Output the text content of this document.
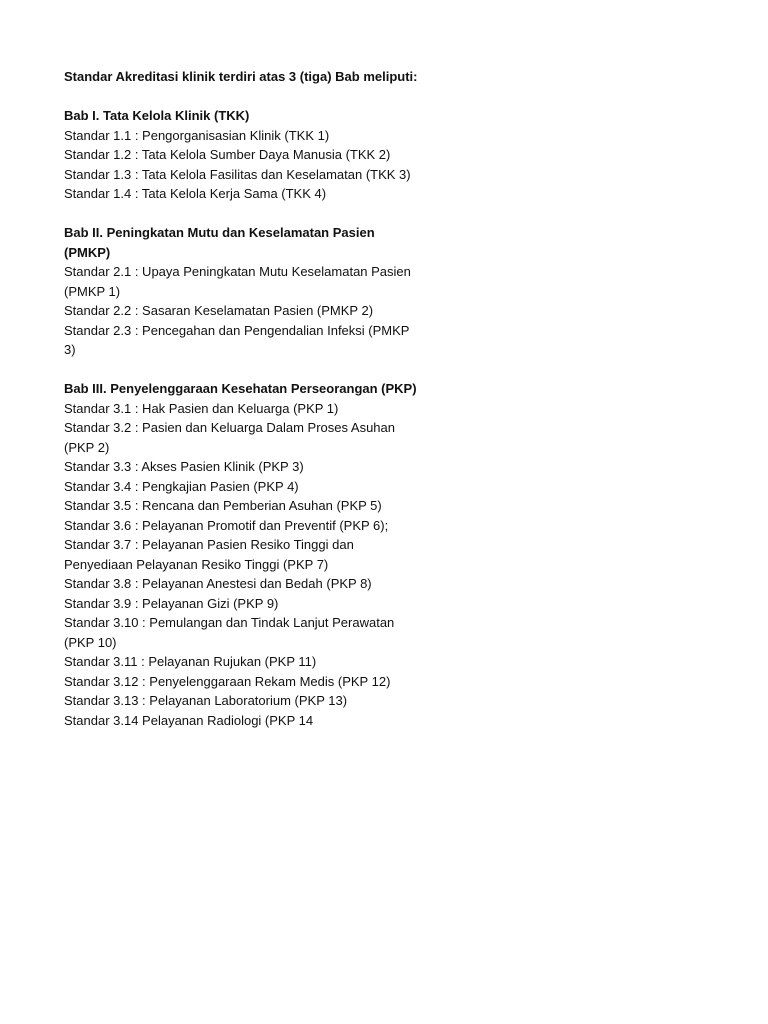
Standar Akreditasi klinik terdiri atas 3 (tiga) Bab meliputi:

Bab I. Tata Kelola Klinik (TKK)

Standar 1.1 : Pengorganisasian Klinik (TKK 1)

Standar 1.2 : Tata Kelola Sumber Daya Manusia (TKK 2)

Standar 1.3 : Tata Kelola Fasilitas dan Keselamatan (TKK 3)

Standar 1.4 : Tata Kelola Kerja Sama (TKK 4)

Bab II. Peningkatan Mutu dan Keselamatan Pasien (PMKP)

Standar 2.1 : Upaya Peningkatan Mutu Keselamatan Pasien (PMKP 1)

Standar 2.2 : Sasaran Keselamatan Pasien (PMKP 2)

Standar 2.3 : Pencegahan dan Pengendalian Infeksi (PMKP 3)

Bab III. Penyelenggaraan Kesehatan Perseorangan (PKP)

Standar 3.1 : Hak Pasien dan Keluarga (PKP 1)

Standar 3.2 : Pasien dan Keluarga Dalam Proses Asuhan (PKP 2)

Standar 3.3 : Akses Pasien Klinik (PKP 3)

Standar 3.4 : Pengkajian Pasien (PKP 4)

Standar 3.5 : Rencana dan Pemberian Asuhan (PKP 5)

Standar 3.6 : Pelayanan Promotif dan Preventif (PKP 6);

Standar 3.7 : Pelayanan Pasien Resiko Tinggi dan Penyediaan Pelayanan Resiko Tinggi (PKP 7)

Standar 3.8 : Pelayanan Anestesi dan Bedah (PKP 8)

Standar 3.9 : Pelayanan Gizi (PKP 9)

Standar 3.10 : Pemulangan dan Tindak Lanjut Perawatan (PKP 10)

Standar 3.11 : Pelayanan Rujukan (PKP 11)

Standar 3.12 : Penyelenggaraan Rekam Medis (PKP 12)

Standar 3.13 : Pelayanan Laboratorium (PKP 13)

Standar 3.14 Pelayanan Radiologi (PKP 14
